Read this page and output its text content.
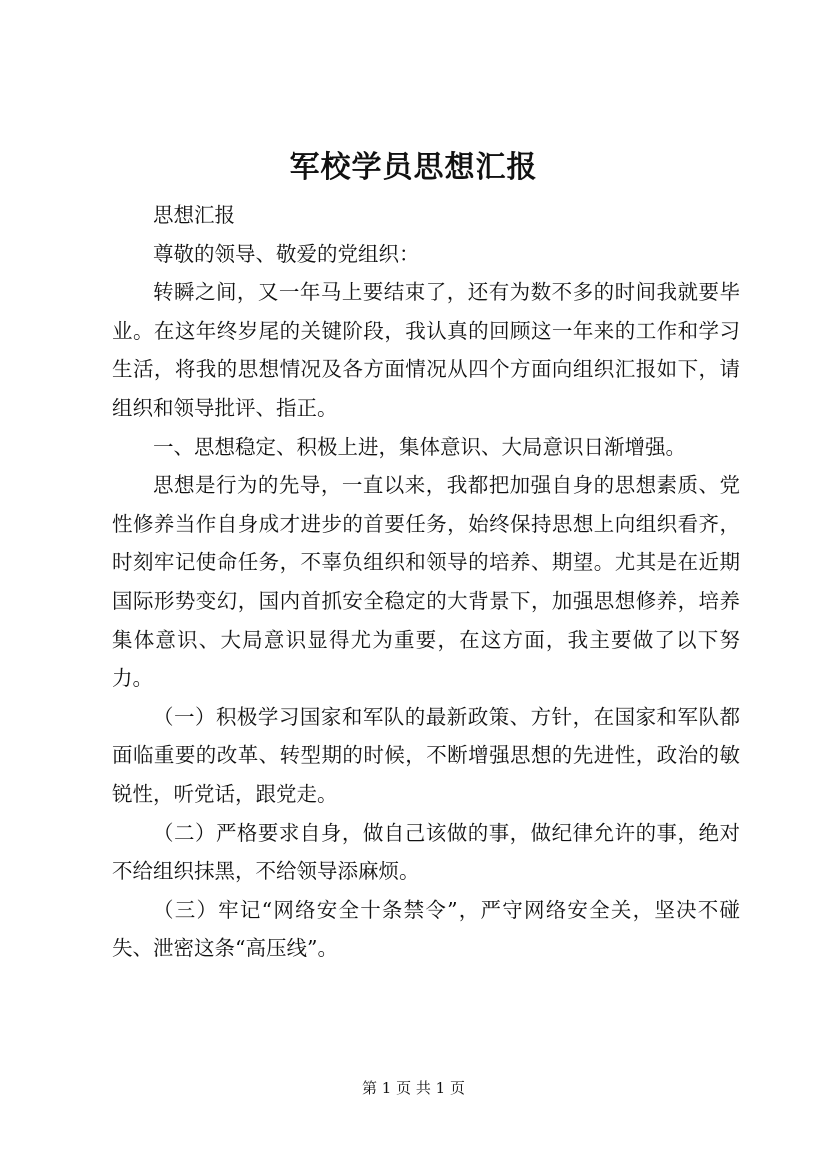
军校学员思想汇报

思想汇报

尊敬的领导、敬爱的党组织：

转瞬之间，又一年马上要结束了，还有为数不多的时间我就要毕业。在这年终岁尾的关键阶段，我认真的回顾这一年来的工作和学习生活，将我的思想情况及各方面情况从四个方面向组织汇报如下，请组织和领导批评、指正。

一、思想稳定、积极上进，集体意识、大局意识日渐增强。

思想是行为的先导，一直以来，我都把加强自身的思想素质、党性修养当作自身成才进步的首要任务，始终保持思想上向组织看齐，时刻牢记使命任务，不辜负组织和领导的培养、期望。尤其是在近期国际形势变幻，国内首抓安全稳定的大背景下，加强思想修养，培养集体意识、大局意识显得尤为重要，在这方面，我主要做了以下努力。

（一）积极学习国家和军队的最新政策、方针，在国家和军队都面临重要的改革、转型期的时候，不断增强思想的先进性，政治的敏锐性，听党话，跟党走。

（二）严格要求自身，做自己该做的事，做纪律允许的事，绝对不给组织抹黑，不给领导添麻烦。

（三）牢记“网络安全十条禁令”，严守网络安全关，坚决不碰失、泄密这条“高压线”。

第 1 页 共 1 页
